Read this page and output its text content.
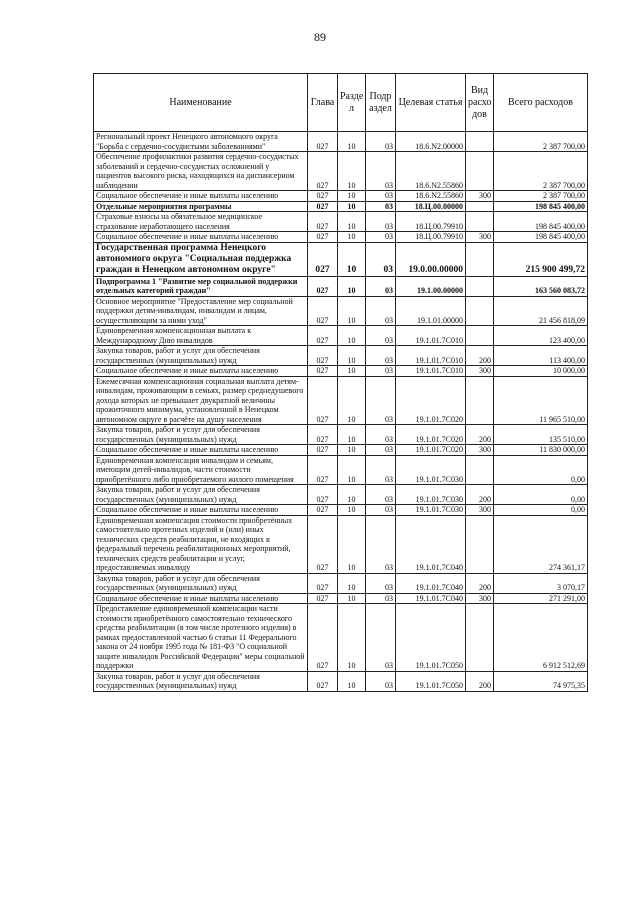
89
Наименование	Глава	Разде л	Подр аздел	Целевая статья	Вид расхо дов	Всего расходов
Региональный проект Ненецкого автономного округа "Борьба с сердечно-сосудистыми заболеваниями"	027	10	03	18.6.N2.00000		2 387 700,00
Обеспечение профилактики развития сердечно-сосудистых заболеваний и сердечно-сосудистых осложнений у пациентов высокого риска, находящихся на диспансерном наблюдении	027	10	03	18.6.N2.55860		2 387 700,00
Социальное обеспечение и иные выплаты населению	027	10	03	18.6.N2.55860	300	2 387 700,00
Отдельные мероприятия программы	027	10	03	18.Ц.00.00000		198 845 400,00
Страховые взносы на обязательное медицинское страхование неработающего населения	027	10	03	18.Ц.00.79910		198 845 400,00
Социальное обеспечение и иные выплаты населению	027	10	03	18.Ц.00.79910	300	198 845 400,00
Государственная программа Ненецкого автономного округа "Социальная поддержка граждан в Ненецком автономном округе"	027	10	03	19.0.00.00000		215 900 499,72
Подпрограмма 1 "Развитие мер социальной поддержки отдельных категорий граждан"	027	10	03	19.1.00.00000		163 560 083,72
Основное мероприятие "Предоставление мер социальной поддержки детям-инвалидам, инвалидам и лицам, осуществляющим за ними уход"	027	10	03	19.1.01.00000		21 456 818,09
Единовременная компенсационная выплата к Международному Дню инвалидов	027	10	03	19.1.01.7C010		123 400,00
Закупка товаров, работ и услуг для обеспечения государственных (муниципальных) нужд	027	10	03	19.1.01.7C010	200	113 400,00
Социальное обеспечение и иные выплаты населению	027	10	03	19.1.01.7C010	300	10 000,00
Ежемесячная компенсационная социальная выплата детям-инвалидам, проживающим в семьях, размер среднедушевого дохода которых не превышает двукратной величины прожиточного минимума, установленной в Ненецком автономном округе в расчёте на душу населения	027	10	03	19.1.01.7C020		11 965 510,00
Закупка товаров, работ и услуг для обеспечения государственных (муниципальных) нужд	027	10	03	19.1.01.7C020	200	135 510,00
Социальное обеспечение и иные выплаты населению	027	10	03	19.1.01.7C020	300	11 830 000,00
Единовременная компенсация инвалидам и семьям, имеющим детей-инвалидов, части стоимости приобретённого либо приобретаемого жилого помещения	027	10	03	19.1.01.7C030		0,00
Закупка товаров, работ и услуг для обеспечения государственных (муниципальных) нужд	027	10	03	19.1.01.7C030	200	0,00
Социальное обеспечение и иные выплаты населению	027	10	03	19.1.01.7C030	300	0,00
Единовременная компенсация стоимости приобретённых самостоятельно протезных изделий и (или) иных технических средств реабилитации, не входящих в федеральный перечень реабилитационных мероприятий, технических средств реабилитации и услуг, предоставляемых инвалиду	027	10	03	19.1.01.7C040		274 361,17
Закупка товаров, работ и услуг для обеспечения государственных (муниципальных) нужд	027	10	03	19.1.01.7C040	200	3 070,17
Социальное обеспечение и иные выплаты населению	027	10	03	19.1.01.7C040	300	271 291,00
Предоставление единовременной компенсации части стоимости приобретённого самостоятельно технического средства реабилитации (в том числе протезного изделия) в рамках предоставленной частью 6 статьи 11 Федерального закона от 24 ноября 1995 года № 181-ФЗ "О социальной защите инвалидов Российской Федерации" меры социальной поддержки	027	10	03	19.1.01.7C050		6 912 512,69
Закупка товаров, работ и услуг для обеспечения государственных (муниципальных) нужд	027	10	03	19.1.01.7C050	200	74 975,35
